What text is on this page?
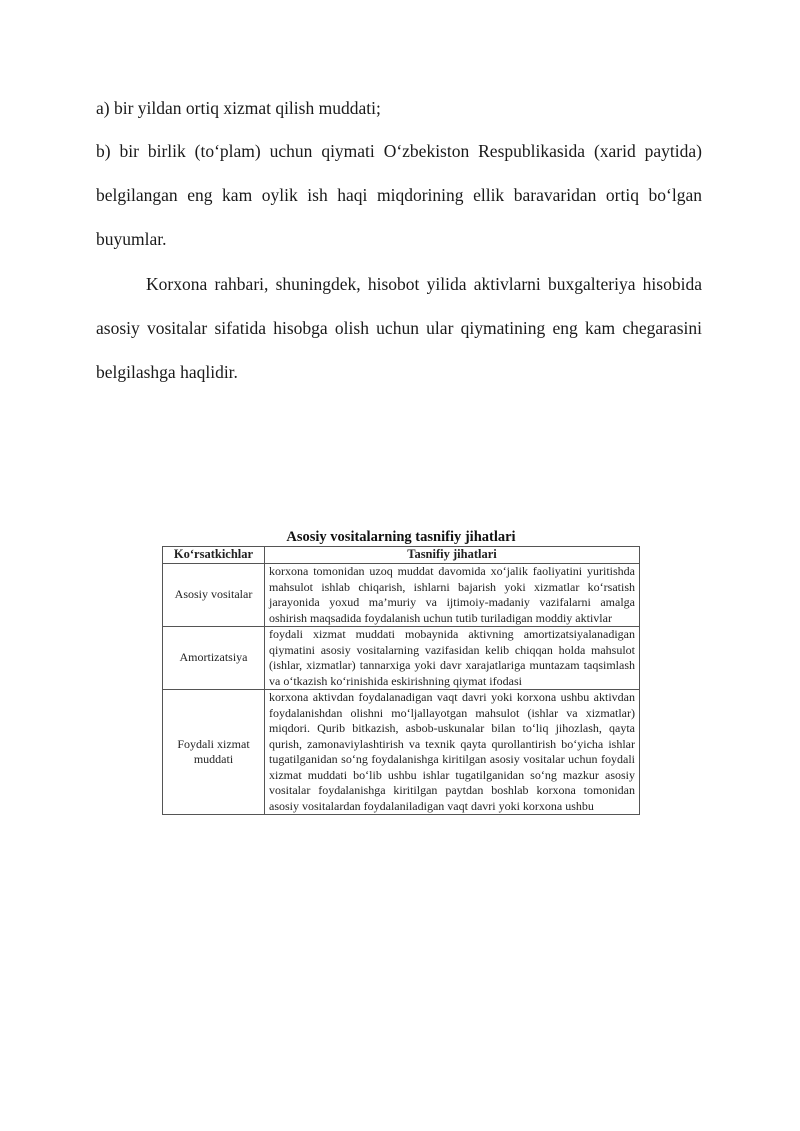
a) bir yildan ortiq xizmat qilish muddati;

b) bir birlik (to‘plam) uchun qiymati O‘zbekiston Respublikasida (xarid paytida) belgilangan eng kam oylik ish haqi miqdorining ellik baravaridan ortiq bo‘lgan buyumlar.

Korxona rahbari, shuningdek, hisobot yilida aktivlarni buxgalteriya hisobida asosiy vositalar sifatida hisobga olish uchun ular qiymatining eng kam chegarasini belgilashga haqlidir.

Asosiy vositalarning tasnifiy jihatlari
Ko‘rsatkichlar	Tasnifiy jihatlari
Asosiy vositalar	korxona tomonidan uzoq muddat davomida xo‘jalik faoliyatini yuritishda mahsulot ishlab chiqarish, ishlarni bajarish yoki xizmatlar ko‘rsatish jarayonida yoxud ma’muriy va ijtimoiy-madaniy vazifalarni amalga oshirish maqsadida foydalanish uchun tutib turiladigan moddiy aktivlar
Amortizatsiya	foydali xizmat muddati mobaynida aktivning amortizatsiyalanadigan qiymatini asosiy vositalarning vazifasidan kelib chiqqan holda mahsulot (ishlar, xizmatlar) tannarxiga yoki davr xarajatlariga muntazam taqsimlash va o‘tkazish ko‘rinishida eskirishning qiymat ifodasi
Foydali xizmat muddati	korxona aktivdan foydalanadigan vaqt davri yoki korxona ushbu aktivdan foydalanishdan olishni mo‘ljallayotgan mahsulot (ishlar va xizmatlar) miqdori. Qurib bitkazish, asbob-uskunalar bilan to‘liq jihozlash, qayta qurish, zamonaviylashtirish va texnik qayta qurollantirish bo‘yicha ishlar tugatilganidan so‘ng foydalanishga kiritilgan asosiy vositalar uchun foydali xizmat muddati bo‘lib ushbu ishlar tugatilganidan so‘ng mazkur asosiy vositalar foydalanishga kiritilgan paytdan boshlab korxona tomonidan asosiy vositalardan foydalaniladigan vaqt davri yoki korxona ushbu
